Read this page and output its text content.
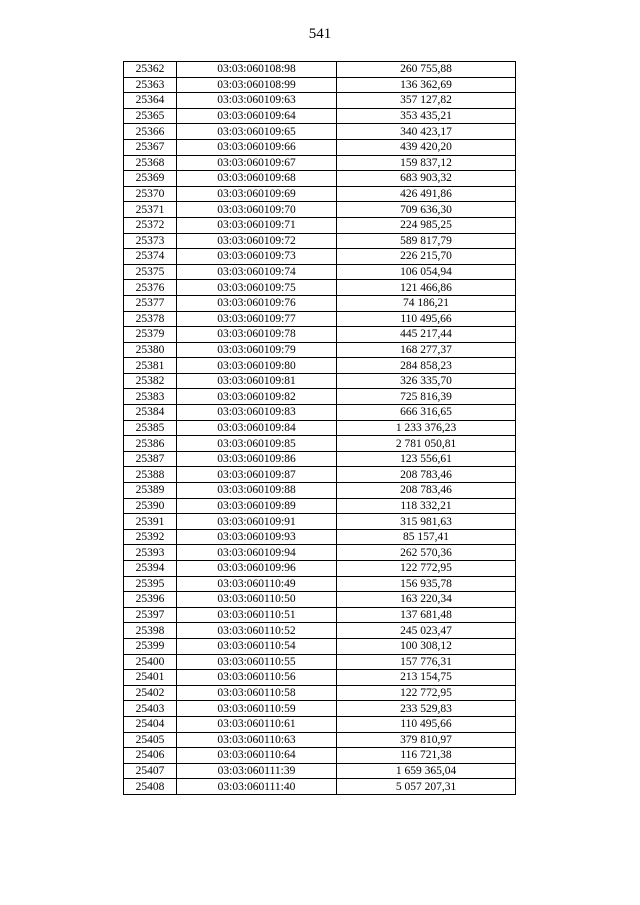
541
25362	03:03:060108:98	260 755,88
25363	03:03:060108:99	136 362,69
25364	03:03:060109:63	357 127,82
25365	03:03:060109:64	353 435,21
25366	03:03:060109:65	340 423,17
25367	03:03:060109:66	439 420,20
25368	03:03:060109:67	159 837,12
25369	03:03:060109:68	683 903,32
25370	03:03:060109:69	426 491,86
25371	03:03:060109:70	709 636,30
25372	03:03:060109:71	224 985,25
25373	03:03:060109:72	589 817,79
25374	03:03:060109:73	226 215,70
25375	03:03:060109:74	106 054,94
25376	03:03:060109:75	121 466,86
25377	03:03:060109:76	74 186,21
25378	03:03:060109:77	110 495,66
25379	03:03:060109:78	445 217,44
25380	03:03:060109:79	168 277,37
25381	03:03:060109:80	284 858,23
25382	03:03:060109:81	326 335,70
25383	03:03:060109:82	725 816,39
25384	03:03:060109:83	666 316,65
25385	03:03:060109:84	1 233 376,23
25386	03:03:060109:85	2 781 050,81
25387	03:03:060109:86	123 556,61
25388	03:03:060109:87	208 783,46
25389	03:03:060109:88	208 783,46
25390	03:03:060109:89	118 332,21
25391	03:03:060109:91	315 981,63
25392	03:03:060109:93	85 157,41
25393	03:03:060109:94	262 570,36
25394	03:03:060109:96	122 772,95
25395	03:03:060110:49	156 935,78
25396	03:03:060110:50	163 220,34
25397	03:03:060110:51	137 681,48
25398	03:03:060110:52	245 023,47
25399	03:03:060110:54	100 308,12
25400	03:03:060110:55	157 776,31
25401	03:03:060110:56	213 154,75
25402	03:03:060110:58	122 772,95
25403	03:03:060110:59	233 529,83
25404	03:03:060110:61	110 495,66
25405	03:03:060110:63	379 810,97
25406	03:03:060110:64	116 721,38
25407	03:03:060111:39	1 659 365,04
25408	03:03:060111:40	5 057 207,31
